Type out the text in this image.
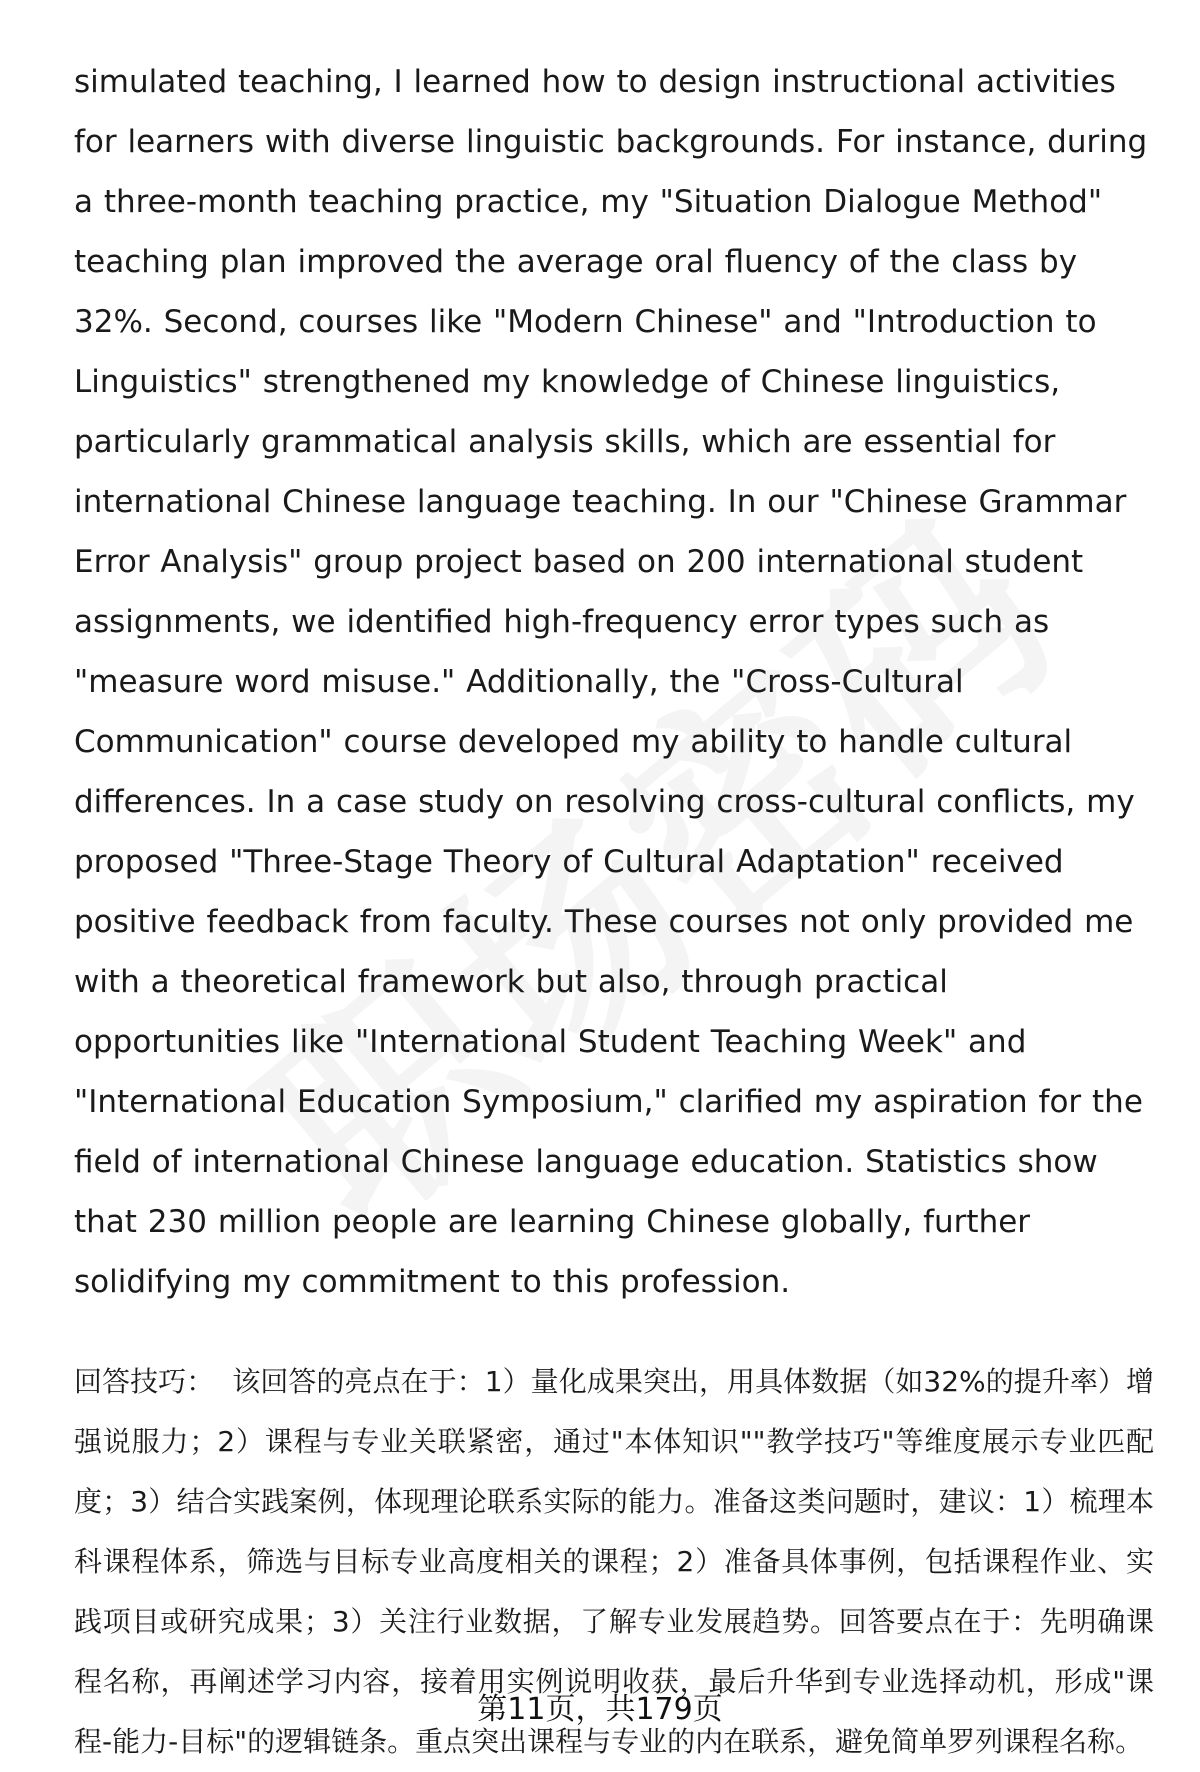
simulated teaching, I learned how to design instructional activities for learners with diverse linguistic backgrounds. For instance, during a three-month teaching practice, my "Situation Dialogue Method" teaching plan improved the average oral fluency of the class by 32%. Second, courses like "Modern Chinese" and "Introduction to Linguistics" strengthened my knowledge of Chinese linguistics, particularly grammatical analysis skills, which are essential for international Chinese language teaching. In our "Chinese Grammar Error Analysis" group project based on 200 international student assignments, we identified high-frequency error types such as "measure word misuse." Additionally, the "Cross-Cultural Communication" course developed my ability to handle cultural differences. In a case study on resolving cross-cultural conflicts, my proposed "Three-Stage Theory of Cultural Adaptation" received positive feedback from faculty. These courses not only provided me with a theoretical framework but also, through practical opportunities like "International Student Teaching Week" and "International Education Symposium," clarified my aspiration for the field of international Chinese language education. Statistics show that 230 million people are learning Chinese globally, further solidifying my commitment to this profession.

回答技巧： 该回答的亮点在于：1）量化成果突出，用具体数据（如32%的提升率）增强说服力；2）课程与专业关联紧密，通过"本体知识""教学技巧"等维度展示专业匹配度；3）结合实践案例，体现理论联系实际的能力。准备这类问题时，建议：1）梳理本科课程体系，筛选与目标专业高度相关的课程；2）准备具体事例，包括课程作业、实践项目或研究成果；3）关注行业数据，了解专业发展趋势。回答要点在于：先明确课程名称，再阐述学习内容，接着用实例说明收获，最后升华到专业选择动机，形成"课程-能力-目标"的逻辑链条。重点突出课程与专业的内在联系，避免简单罗列课程名称。

第11页，共179页
